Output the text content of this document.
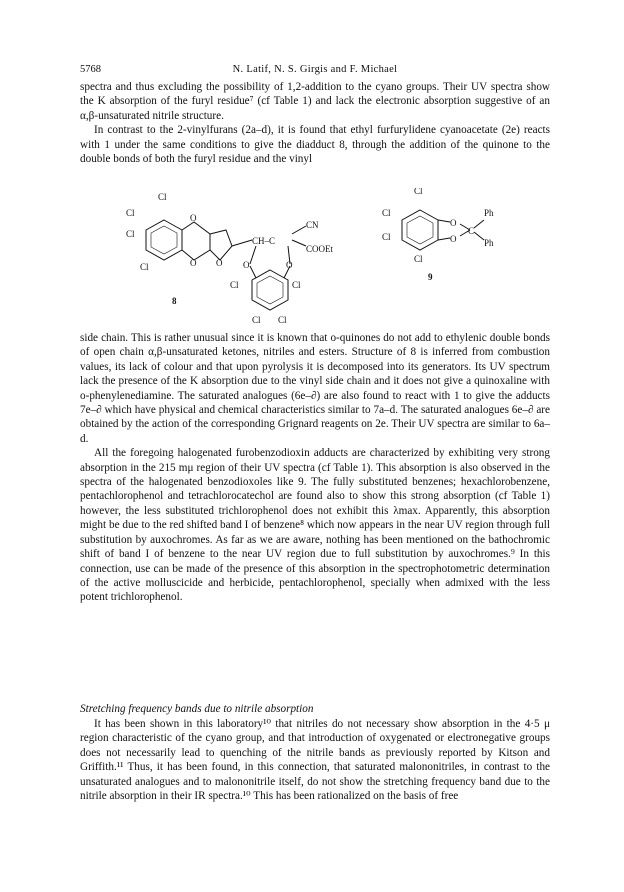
5768	N. Latif, N. S. Girgis and F. Michael

spectra and thus excluding the possibility of 1,2-addition to the cyano groups. Their UV spectra show the K absorption of the furyl residue⁷ (cf Table 1) and lack the electronic absorption suggestive of an α,β-unsaturated nitrile structure.

In contrast to the 2-vinylfurans (2a–d), it is found that ethyl furfurylidene cyanoacetate (2e) reacts with 1 under the same conditions to give the diadduct 8, through the addition of the quinone to the double bonds of both the furyl residue and the vinyl

Cl
Cl
Cl
Cl
O
O O
CH–C
CN
COOEt
O	O
Cl	Cl
Cl Cl
8
Cl
Cl
Cl
Cl
O
O
C
Ph
Ph
9

side chain. This is rather unusual since it is known that o-quinones do not add to ethylenic double bonds of open chain α,β-unsaturated ketones, nitriles and esters. Structure of 8 is inferred from combustion values, its lack of colour and that upon pyrolysis it is decomposed into its generators. Its UV spectrum lack the presence of the K absorption due to the vinyl side chain and it does not give a quinoxaline with o-phenylenediamine. The saturated analogues (6e–∂) are also found to react with 1 to give the adducts 7e–∂ which have physical and chemical characteristics similar to 7a–d. The saturated analogues 6e–∂ are obtained by the action of the corresponding Grignard reagents on 2e. Their UV spectra are similar to 6a–d.

All the foregoing halogenated furobenzodioxin adducts are characterized by exhibiting very strong absorption in the 215 mμ region of their UV spectra (cf Table 1). This absorption is also observed in the spectra of the halogenated benzodioxoles like 9. The fully substituted benzenes; hexachlorobenzene, pentachlorophenol and tetrachlorocatechol are found also to show this strong absorption (cf Table 1) however, the less substituted trichlorophenol does not exhibit this λmax. Apparently, this absorption might be due to the red shifted band I of benzene⁸ which now appears in the near UV region through full substitution by auxochromes. As far as we are aware, nothing has been mentioned on the bathochromic shift of band I of benzene to the near UV region due to full substitution by auxochromes.⁹ In this connection, use can be made of the presence of this absorption in the spectrophotometric determination of the active molluscicide and herbicide, pentachlorophenol, specially when admixed with the less potent trichlorophenol.

Stretching frequency bands due to nitrile absorption

It has been shown in this laboratory¹⁰ that nitriles do not necessary show absorption in the 4·5 μ region characteristic of the cyano group, and that introduction of oxygenated or electronegative groups does not necessarily lead to quenching of the nitrile bands as previously reported by Kitson and Griffith.¹¹ Thus, it has been found, in this connection, that saturated malononitriles, in contrast to the unsaturated analogues and to malononitrile itself, do not show the stretching frequency band due to the nitrile absorption in their IR spectra.¹⁰ This has been rationalized on the basis of free
